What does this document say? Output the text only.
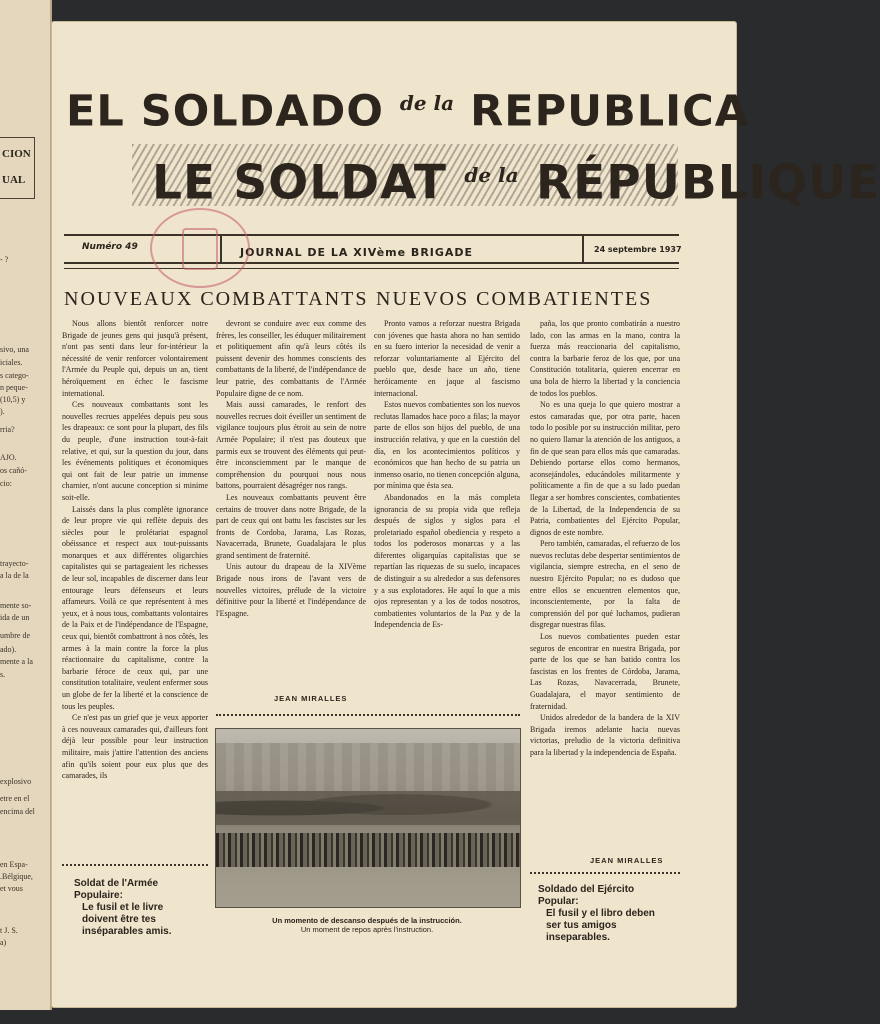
CION
UAL
- ?
sivo, una
iciales.
s catego-
n peque-
(10,5) y
).
rria?
AJO.
os cañó-
cio:
trayecto-
a la de la
mente so-
ida de un
umbre de
ado).
mente a la
s.
explosivo
etre en el
encima del
en Espa-
.Bélgique,
et vous
t J. S.
a)
EL SOLDADO $^{de la}$ REPUBLICA
LE SOLDAT $^{de la}$ RÉPUBLIQUE
Numéro 49	JOURNAL DE LA XIVème BRIGADE	24 septembre 1937
NOUVEAUX COMBATTANTS NUEVOS COMBATIENTES

Nous allons bientôt renforcer notre Brigade de jeunes gens qui jusqu'à présent, n'ont pas senti dans leur for-intérieur la nécessité de venir renforcer volontairement l'Armée du Peuple qui, depuis un an, tient héroïquement en échec le fascisme international.

Ces nouveaux combattants sont les nouvelles recrues appelées depuis peu sous les drapeaux: ce sont pour la plupart, des fils du peuple, d'une instruction tout-à-fait relative, et qui, sur la question du jour, dans les événements politiques et économiques qui ont fait de leur patrie un immense charnier, n'ont aucune conception si minime soit-elle.

Laissés dans la plus complète ignorance de leur propre vie qui reflète depuis des siècles pour le prolétariat espagnol obéissance et respect aux tout-puissants monarques et aux différentes oligarchies capitalistes qui se partageaient les richesses de leur sol, incapables de discerner dans leur entourage leurs défenseurs et leurs affameurs. Voilà ce que représentent à mes yeux, et à nous tous, combattants volontaires de la Paix et de l'indépendance de l'Espagne, ceux qui, bientôt combattront à nos côtés, les armes à la main contre la force la plus réactionnaire du capitalisme, contre la barbarie féroce de ceux qui, par une constitution totalitaire, veulent enfermer sous un globe de fer la liberté et la conscience de tous les peuples.

Ce n'est pas un grief que je veux apporter à ces nouveaux camarades qui, d'ailleurs font déjà leur possible pour leur instruction militaire, mais j'attire l'attention des anciens afin qu'ils soient pour eux plus que des camarades, ils

devront se conduire avec eux comme des frères, les conseiller, les éduquer militairement et politiquement afin qu'à leurs côtés ils puissent devenir des hommes conscients des combattants de la liberté, de l'indépendance de leur patrie, des combattants de l'Armée Populaire digne de ce nom.

Mais aussi camarades, le renfort des nouvelles recrues doit éveiller un sentiment de vigilance toujours plus étroit au sein de notre Armée Populaire; il n'est pas douteux que parmis eux se trouvent des éléments qui peut-être inconsciemment par le manque de compréhension du pourquoi nous nous battons, pourraient désagréger nos rangs.

Les nouveaux combattants peuvent être certains de trouver dans notre Brigade, de la part de ceux qui ont battu les fascistes sur les fronts de Cordoba, Jarama, Las Rozas, Navacerrada, Brunete, Guadalajara le plus grand sentiment de fraternité.

Unis autour du drapeau de la XIVème Brigade nous irons de l'avant vers de nouvelles victoires, prélude de la victoire définitive pour la liberté et l'indépendance de l'Espagne.

JEAN MIRALLES

Pronto vamos a reforzar nuestra Brigada con jóvenes que hasta ahora no han sentido en su fuero interior la necesidad de venir a reforzar voluntariamente al Ejército del pueblo que, desde hace un año, tiene heróicamente en jaque al fascismo internacional.

Estos nuevos combatientes son los nuevos reclutas llamados hace poco a filas; la mayor parte de ellos son hijos del pueblo, de una instrucción relativa, y que en la cuestión del día, en los acontecimientos políticos y económicos que han hecho de su patria un inmenso osario, no tienen concepción alguna, por mínima que ésta sea.

Abandonados en la más completa ignorancia de su propia vida que refleja después de siglos y siglos para el proletariado español obediencia y respeto a todos los poderosos monarcas y a las diferentes oligarquías capitalistas que se repartían las riquezas de su suelo, incapaces de distinguir a su alrededor a sus defensores y a sus explotadores. He aquí lo que a mis ojos representan y a los de todos nosotros, combatientes voluntarios de la Paz y de la Independencia de Es-

paña, los que pronto combatirán a nuestro lado, con las armas en la mano, contra la fuerza más reaccionaria del capitalismo, contra la barbarie feroz de los que, por una Constitución totalitaria, quieren encerrar en una bola de hierro la libertad y la conciencia de todos los pueblos.

No es una queja lo que quiero mostrar a estos camaradas que, por otra parte, hacen todo lo posible por su instrucción militar, pero no quiero llamar la atención de los antiguos, a fin de que sean para ellos más que camaradas. Debiendo portarse ellos como hermanos, aconsejándoles, educándoles militarmente y políticamente a fin de que a su lado puedan llegar a ser hombres conscientes, combatientes de la Libertad, de la Independencia de su Patria, combatientes del Ejército Popular, dignos de este nombre.

Pero también, camaradas, el refuerzo de los nuevos reclutas debe despertar sentimientos de vigilancia, siempre estrecha, en el seno de nuestro Ejército Popular; no es dudoso que entre ellos se encuentren elementos que, inconscientemente, por la falta de comprensión del por qué luchamos, pudieran disgregar nuestras filas.

Los nuevos combatientes pueden estar seguros de encontrar en nuestra Brigada, por parte de los que se han batido contra los fascistas en los frentes de Córdoba, Jarama, Las Rozas, Navacerrada, Brunete, Guadalajara, el mayor sentimiento de fraternidad.

Unidos alrededor de la bandera de la XIV Brigada iremos adelante hacia nuevas victorias, preludio de la victoria definitiva para la libertad y la independencia de España.

JEAN MIRALLES
Un momento de descanso después de la instrucción.
Un moment de repos après l'instruction.
Soldat de l'Armée Populaire:
Le fusil et le livre doivent être tes inséparables amis.
Soldado del Ejército Popular:
El fusil y el libro deben ser tus amigos inseparables.
